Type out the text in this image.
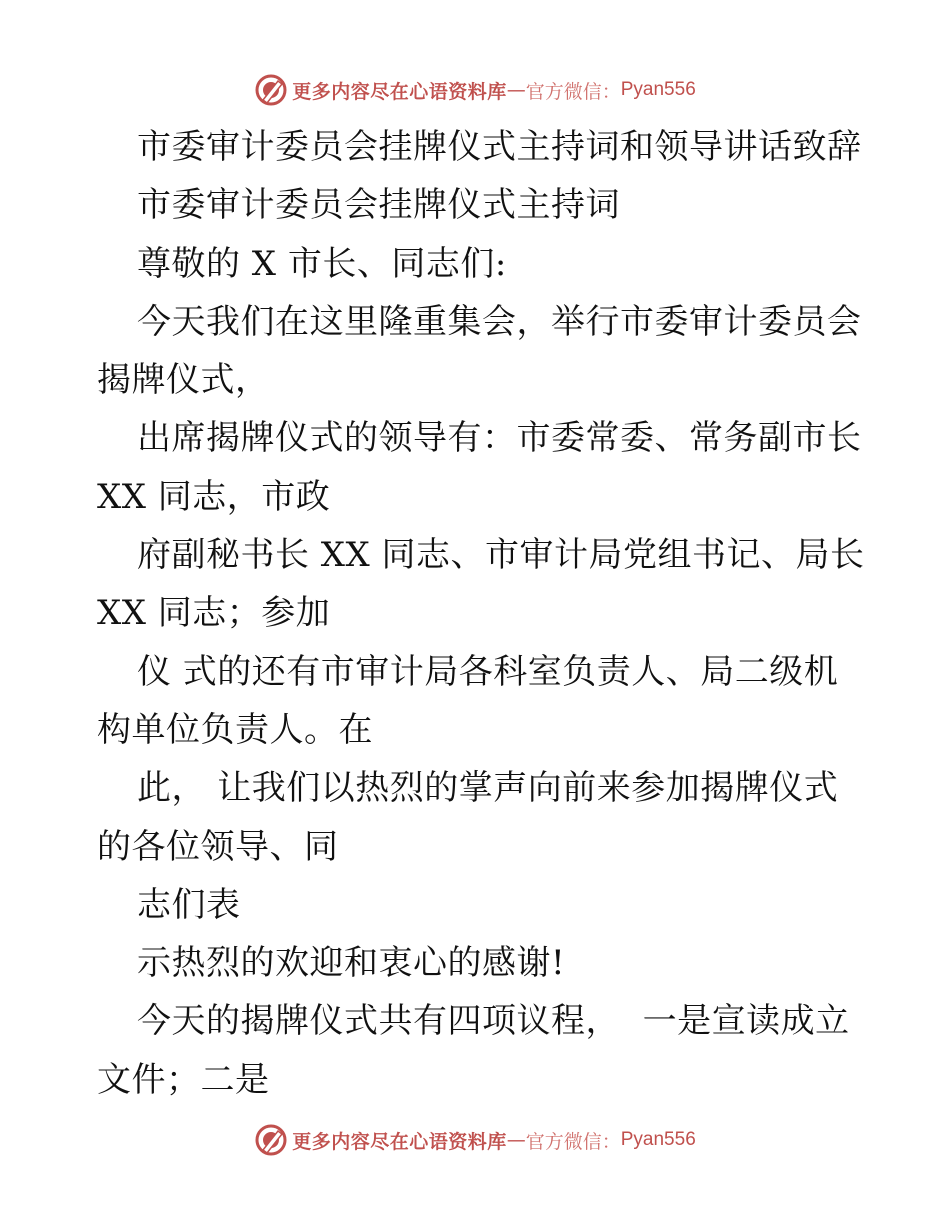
更多内容尽在心语资料库 — 官方微信： Pyan556
市委审计委员会挂牌仪式主持词和领导讲话致辞
市委审计委员会挂牌仪式主持词
尊敬的 X 市长、同志们:
今天我们在这里隆重集会，举行市委审计委员会
揭牌仪式，
出席揭牌仪式的领导有：市委常委、常务副市长
XX 同志，市政
府副秘书长 XX 同志、市审计局党组书记、局长
XX 同志；参加
仪 式的还有市审计局各科室负责人、局二级机
构单位负责人。在
此， 让我们以热烈的掌声向前来参加揭牌仪式
的各位领导、同
志们表
示热烈的欢迎和衷心的感谢!
今天的揭牌仪式共有四项议程，  一是宣读成立
文件；二是
更多内容尽在心语资料库 — 官方微信： Pyan556
